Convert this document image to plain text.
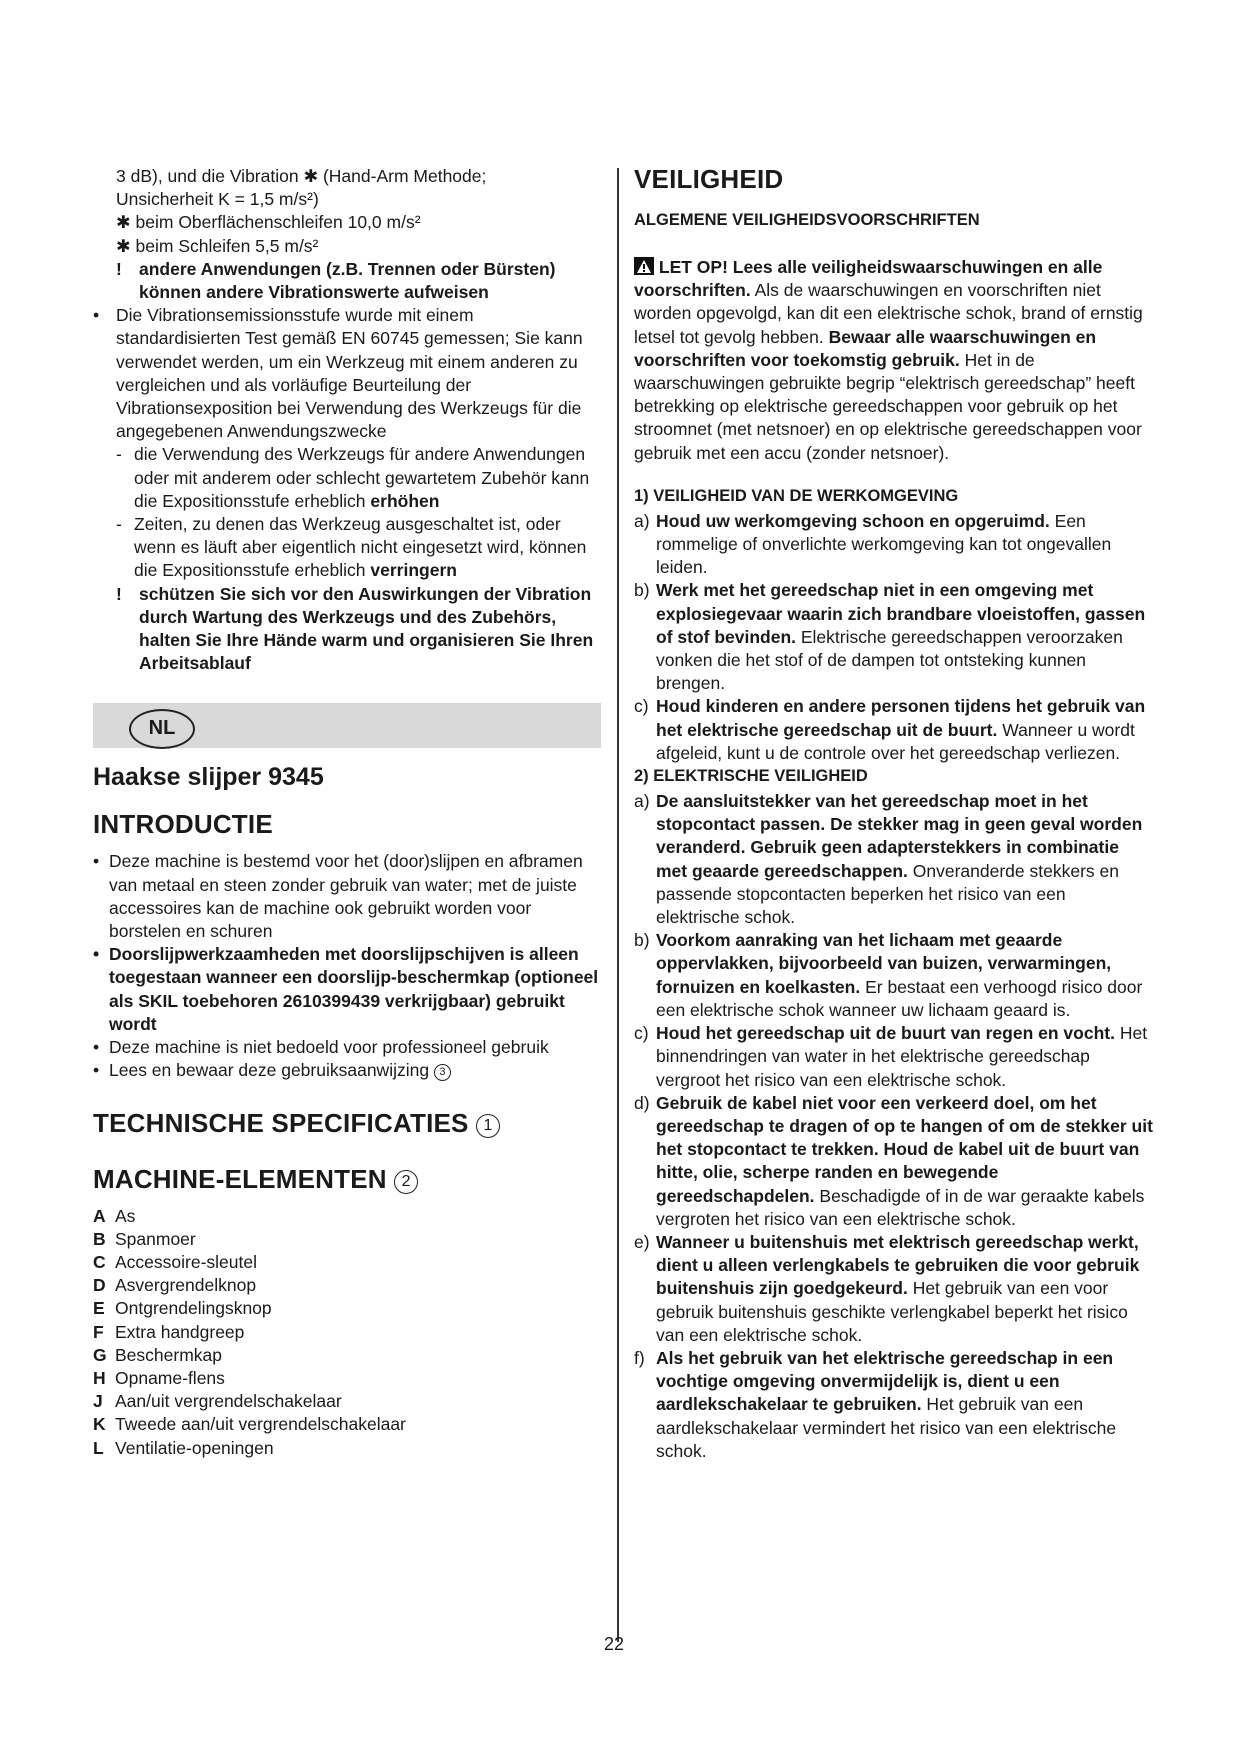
3 dB), und die Vibration ✱ (Hand-Arm Methode;
Unsicherheit K = 1,5 m/s²)
✱ beim Oberflächenschleifen 10,0 m/s²
✱ beim Schleifen 5,5 m/s²
! andere Anwendungen (z.B. Trennen oder Bürsten) können andere Vibrationswerte aufweisen
• Die Vibrationsemissionsstufe wurde mit einem standardisierten Test gemäß EN 60745 gemessen; Sie kann verwendet werden, um ein Werkzeug mit einem anderen zu vergleichen und als vorläufige Beurteilung der Vibrationsexposition bei Verwendung des Werkzeugs für die angegebenen Anwendungszwecke
- die Verwendung des Werkzeugs für andere Anwendungen oder mit anderem oder schlecht gewartetem Zubehör kann die Expositionsstufe erheblich erhöhen
- Zeiten, zu denen das Werkzeug ausgeschaltet ist, oder wenn es läuft aber eigentlich nicht eingesetzt wird, können die Expositionsstufe erheblich verringern
! schützen Sie sich vor den Auswirkungen der Vibration durch Wartung des Werkzeugs und des Zubehörs, halten Sie Ihre Hände warm und organisieren Sie Ihren Arbeitsablauf
NL
Haakse slijper 9345
INTRODUCTIE
• Deze machine is bestemd voor het (door)slijpen en afbramen van metaal en steen zonder gebruik van water; met de juiste accessoires kan de machine ook gebruikt worden voor borstelen en schuren
• Doorslijpwerkzaamheden met doorslijpschijven is alleen toegestaan wanneer een doorslijp-beschermkap (optioneel als SKIL toebehoren 2610399439 verkrijgbaar) gebruikt wordt
• Deze machine is niet bedoeld voor professioneel gebruik
• Lees en bewaar deze gebruiksaanwijzing 3
TECHNISCHE SPECIFICATIES 1
MACHINE-ELEMENTEN 2
A As
B Spanmoer
C Accessoire-sleutel
D Asvergrendelknop
E Ontgrendelingsknop
F Extra handgreep
G Beschermkap
H Opname-flens
J Aan/uit vergrendelschakelaar
K Tweede aan/uit vergrendelschakelaar
L Ventilatie-openingen
VEILIGHEID
ALGEMENE VEILIGHEIDSVOORSCHRIFTEN

LET OP! Lees alle veiligheidswaarschuwingen en alle voorschriften. Als de waarschuwingen en voorschriften niet worden opgevolgd, kan dit een elektrische schok, brand of ernstig letsel tot gevolg hebben. Bewaar alle waarschuwingen en voorschriften voor toekomstig gebruik. Het in de waarschuwingen gebruikte begrip “elektrisch gereedschap” heeft betrekking op elektrische gereedschappen voor gebruik op het stroomnet (met netsnoer) en op elektrische gereedschappen voor gebruik met een accu (zonder netsnoer).

1) VEILIGHEID VAN DE WERKOMGEVING
a) Houd uw werkomgeving schoon en opgeruimd. Een rommelige of onverlichte werkomgeving kan tot ongevallen leiden.
b) Werk met het gereedschap niet in een omgeving met explosiegevaar waarin zich brandbare vloeistoffen, gassen of stof bevinden. Elektrische gereedschappen veroorzaken vonken die het stof of de dampen tot ontsteking kunnen brengen.
c) Houd kinderen en andere personen tijdens het gebruik van het elektrische gereedschap uit de buurt. Wanneer u wordt afgeleid, kunt u de controle over het gereedschap verliezen.
2) ELEKTRISCHE VEILIGHEID
a) De aansluitstekker van het gereedschap moet in het stopcontact passen. De stekker mag in geen geval worden veranderd. Gebruik geen adapterstekkers in combinatie met geaarde gereedschappen. Onveranderde stekkers en passende stopcontacten beperken het risico van een elektrische schok.
b) Voorkom aanraking van het lichaam met geaarde oppervlakken, bijvoorbeeld van buizen, verwarmingen, fornuizen en koelkasten. Er bestaat een verhoogd risico door een elektrische schok wanneer uw lichaam geaard is.
c) Houd het gereedschap uit de buurt van regen en vocht. Het binnendringen van water in het elektrische gereedschap vergroot het risico van een elektrische schok.
d) Gebruik de kabel niet voor een verkeerd doel, om het gereedschap te dragen of op te hangen of om de stekker uit het stopcontact te trekken. Houd de kabel uit de buurt van hitte, olie, scherpe randen en bewegende gereedschapdelen. Beschadigde of in de war geraakte kabels vergroten het risico van een elektrische schok.
e) Wanneer u buitenshuis met elektrisch gereedschap werkt, dient u alleen verlengkabels te gebruiken die voor gebruik buitenshuis zijn goedgekeurd. Het gebruik van een voor gebruik buitenshuis geschikte verlengkabel beperkt het risico van een elektrische schok.
f) Als het gebruik van het elektrische gereedschap in een vochtige omgeving onvermijdelijk is, dient u een aardlekschakelaar te gebruiken. Het gebruik van een aardlekschakelaar vermindert het risico van een elektrische schok.
22
